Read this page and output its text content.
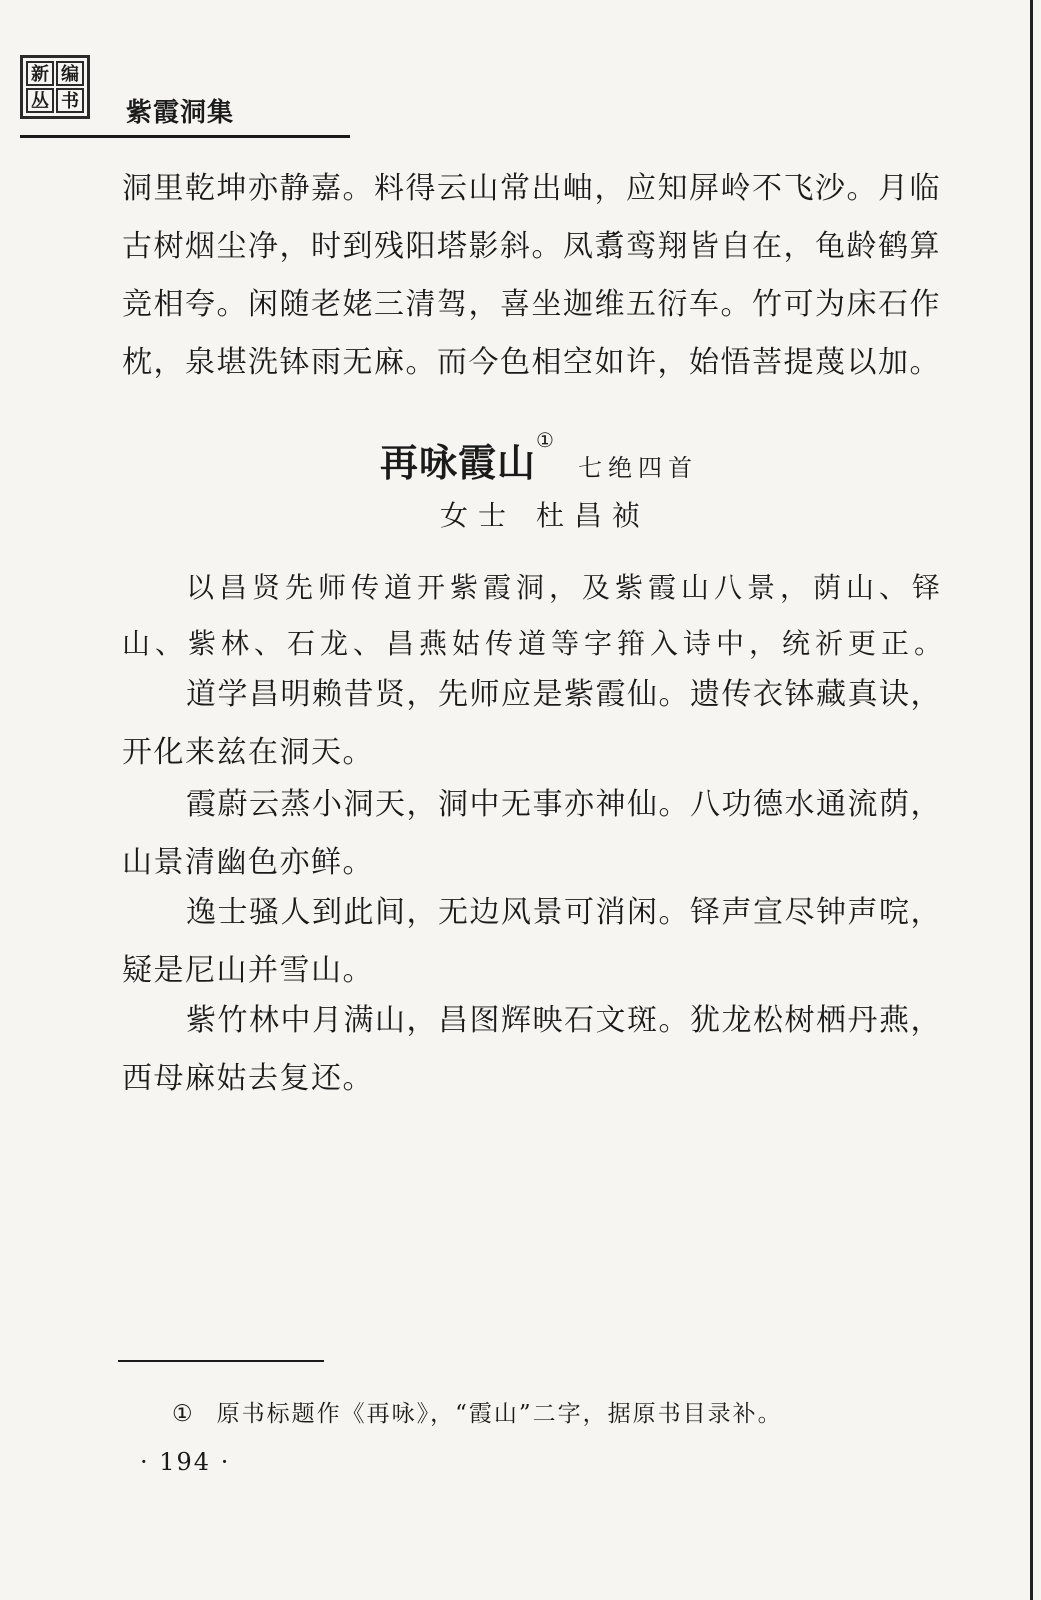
新 编
丛 书 紫霞洞集

洞里乾坤亦静嘉。料得云山常出岫，应知屏岭不飞沙。月临古树烟尘净，时到残阳塔影斜。凤翥鸾翔皆自在，龟龄鹤算竞相夸。闲随老姥三清驾，喜坐迦维五衍车。竹可为床石作枕，泉堪洗钵雨无麻。而今色相空如许，始悟菩提蔑以加。

再咏霞山①
七绝四首
女士 杜昌祯

以昌贤先师传道开紫霞洞，及紫霞山八景，荫山、铎山、紫林、石龙、昌燕姑传道等字箝入诗中，统祈更正。

道学昌明赖昔贤，先师应是紫霞仙。遗传衣钵藏真诀，开化来兹在洞天。

霞蔚云蒸小洞天，洞中无事亦神仙。八功德水通流荫，山景清幽色亦鲜。

逸士骚人到此间，无边风景可消闲。铎声宣尽钟声唍，疑是尼山并雪山。

紫竹林中月满山，昌图辉映石文斑。犹龙松树栖丹燕，西母麻姑去复还。

① 原书标题作《再咏》，“霞山”二字，据原书目录补。
· 194 ·
